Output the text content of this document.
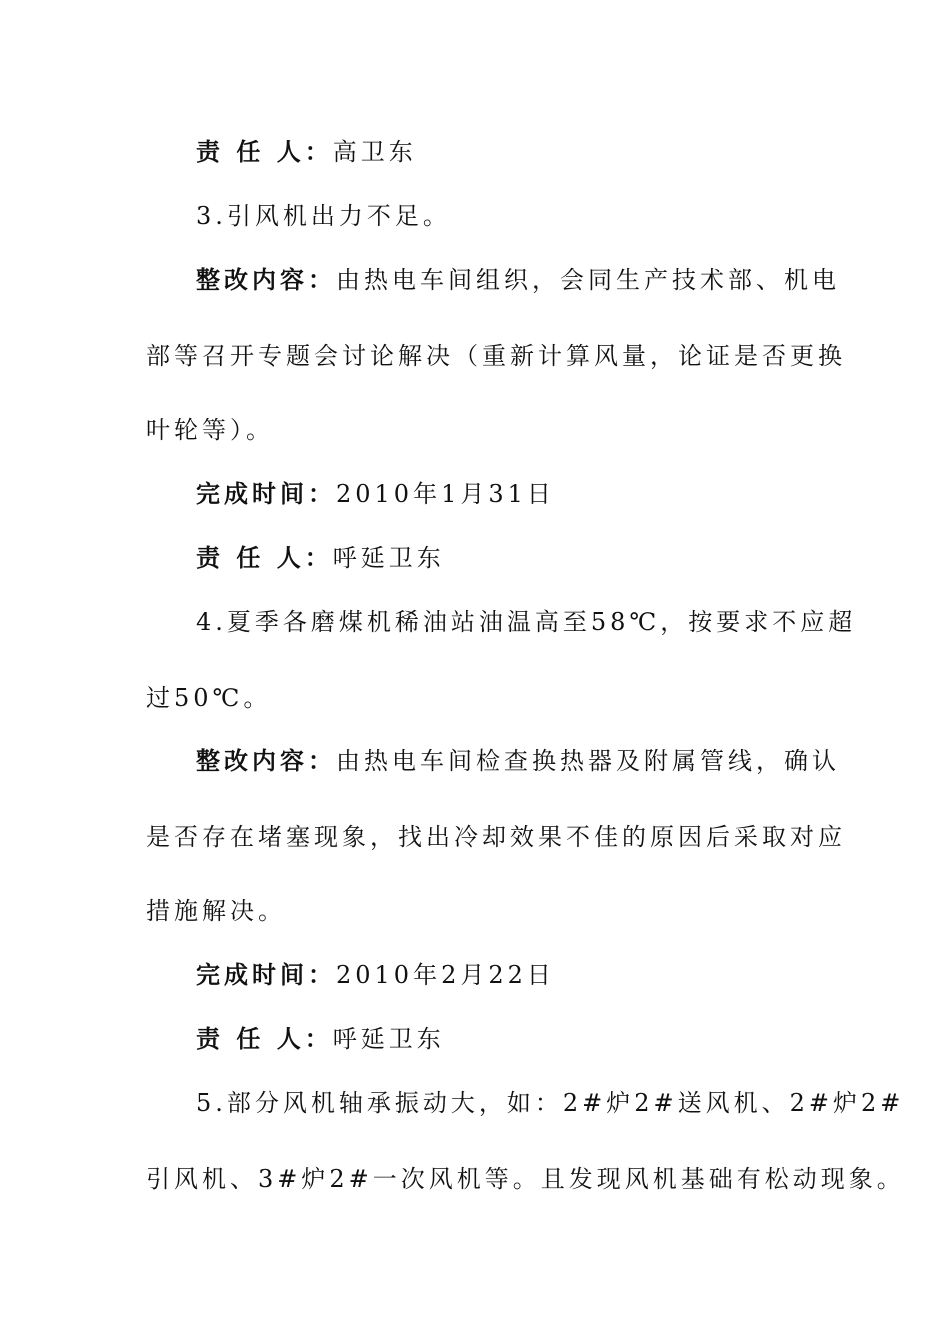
责 任 人：高卫东
3.引风机出力不足。
整改内容：由热电车间组织，会同生产技术部、机电
部等召开专题会讨论解决（重新计算风量，论证是否更换
叶轮等）。
完成时间：2010年1月31日
责 任 人：呼延卫东
4.夏季各磨煤机稀油站油温高至58℃，按要求不应超
过50℃。
整改内容：由热电车间检查换热器及附属管线，确认
是否存在堵塞现象，找出冷却效果不佳的原因后采取对应
措施解决。
完成时间：2010年2月22日
责 任 人：呼延卫东
5.部分风机轴承振动大，如：2#炉2#送风机、2#炉2#
引风机、3#炉2#一次风机等。且发现风机基础有松动现象。
